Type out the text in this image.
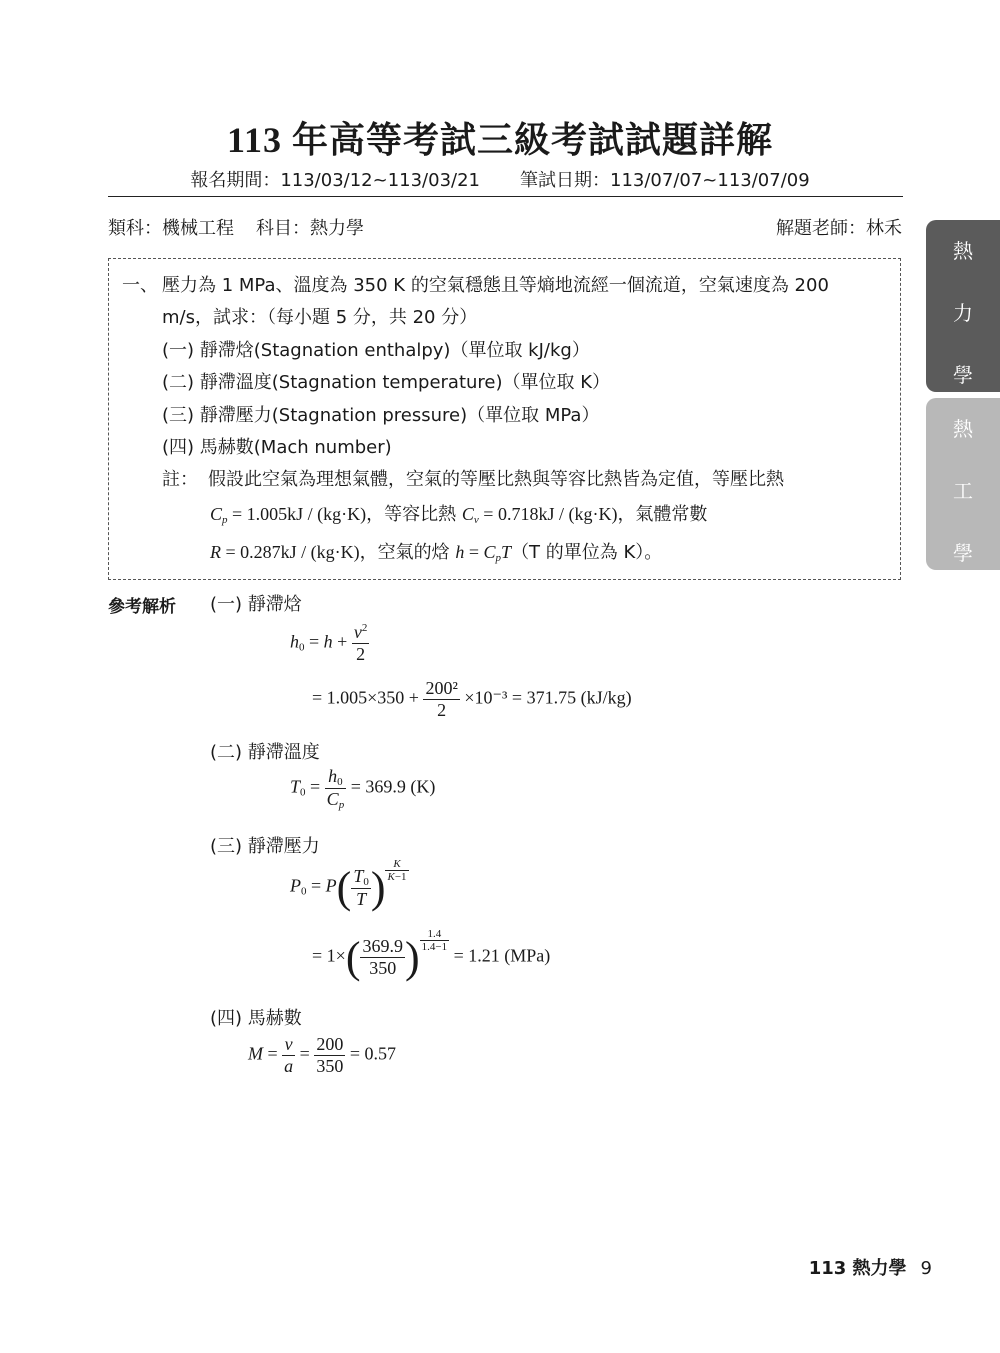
113 年高等考試三級考試試題詳解
報名期間：113/03/12~113/03/21 筆試日期：113/07/07~113/07/09
類科：機械工程 科目：熱力學	解題老師：林禾
熱
力
學
熱
工
學
一、 壓力為 1 MPa、溫度為 350 K 的空氣穩態且等熵地流經一個流道，空氣速度為 200
m/s，試求：（每小題 5 分，共 20 分）
(一) 靜滯焓(Stagnation enthalpy)（單位取 kJ/kg）
(二) 靜滯溫度(Stagnation temperature)（單位取 K）
(三) 靜滯壓力(Stagnation pressure)（單位取 MPa）
(四) 馬赫數(Mach number)
註： 假設此空氣為理想氣體，空氣的等壓比熱與等容比熱皆為定值，等壓比熱
$C_p = 1.005kJ / (kg\cdot K)$，等容比熱 $C_v = 0.718kJ / (kg\cdot K)$，氣體常數
R = 0.287kJ / (kg·K)，空氣的焓 $h = C_pT(T$ 的單位為 K）。
參考解析 (一) 靜滯焓
$h_0 = h + \frac{v^2}{2}$
= $1.005\times 350 + \frac{\text{200²}}{2} \times 10^{-3} = 371.75$ (kJ/kg)
(二) 靜滯溫度
$T_0 = \frac{h_0}{C_p} = 369.9$ (K)
(三) 靜滯壓力
$P_0 = P( \frac{T_0}{T}$ ) $\frac{K}{K-1}$
= $1\times( \frac{369.9}{350}$ ) $\frac{1.4}{1.4-1}$
= 1.21 (MPa)
(四) 馬赫數
$M = \frac{v}{a} = \frac{200}{350} = 0.57$
113 熱力學 9
